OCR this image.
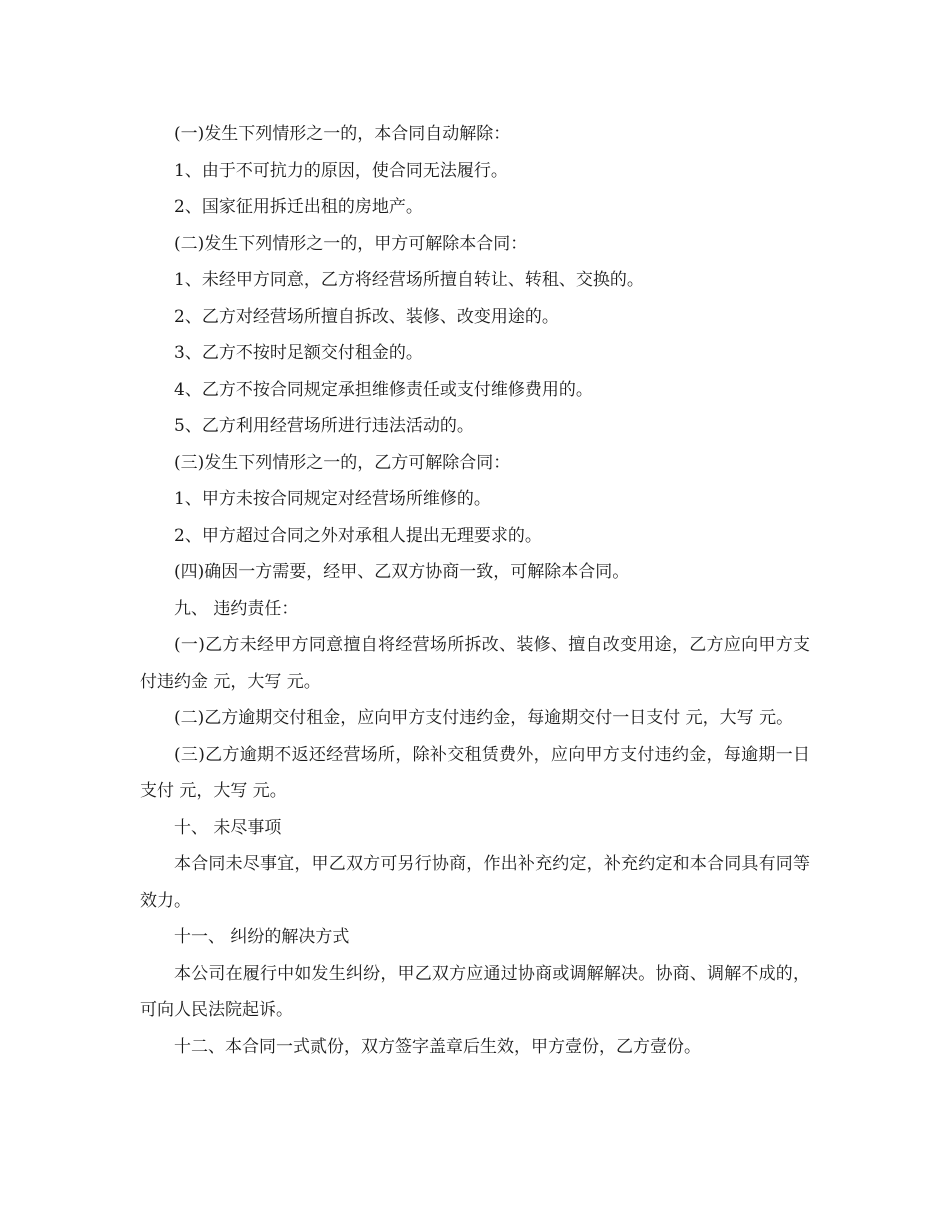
(一)发生下列情形之一的，本合同自动解除：

1、由于不可抗力的原因，使合同无法履行。

2、国家征用拆迁出租的房地产。

(二)发生下列情形之一的，甲方可解除本合同：

1、未经甲方同意，乙方将经营场所擅自转让、转租、交换的。

2、乙方对经营场所擅自拆改、装修、改变用途的。

3、乙方不按时足额交付租金的。

4、乙方不按合同规定承担维修责任或支付维修费用的。

5、乙方利用经营场所进行违法活动的。

(三)发生下列情形之一的，乙方可解除合同：

1、甲方未按合同规定对经营场所维修的。

2、甲方超过合同之外对承租人提出无理要求的。

(四)确因一方需要，经甲、乙双方协商一致，可解除本合同。

九、 违约责任：

(一)乙方未经甲方同意擅自将经营场所拆改、装修、擅自改变用途，乙方应向甲方支付违约金 元，大写 元。

(二)乙方逾期交付租金，应向甲方支付违约金，每逾期交付一日支付 元，大写 元。

(三)乙方逾期不返还经营场所，除补交租赁费外，应向甲方支付违约金，每逾期一日支付 元，大写 元。

十、 未尽事项

本合同未尽事宜，甲乙双方可另行协商，作出补充约定，补充约定和本合同具有同等效力。

十一、 纠纷的解决方式

本公司在履行中如发生纠纷，甲乙双方应通过协商或调解解决。协商、调解不成的，可向人民法院起诉。

十二、本合同一式贰份，双方签字盖章后生效，甲方壹份，乙方壹份。
